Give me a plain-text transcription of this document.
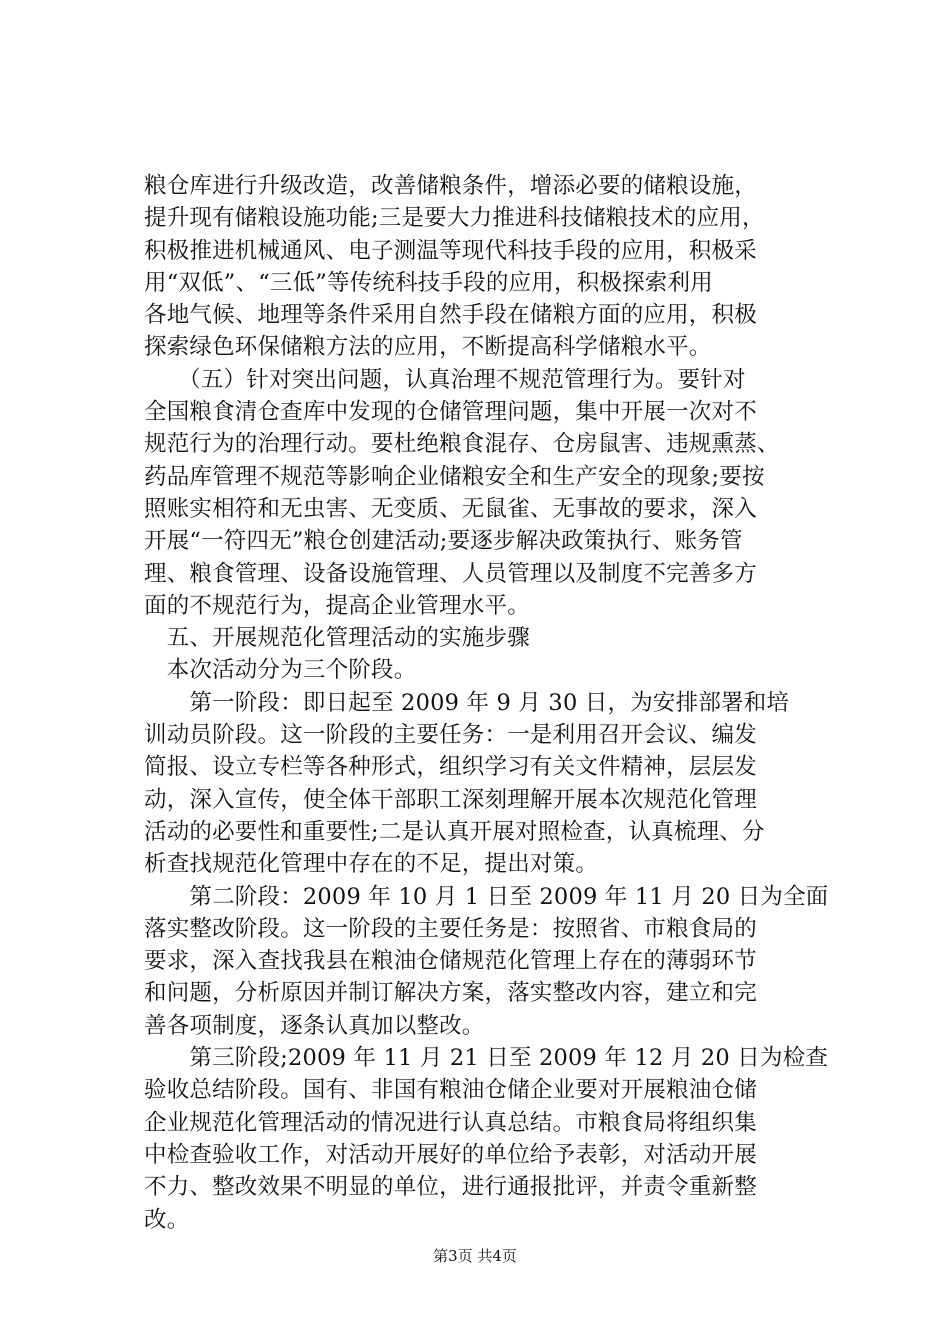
粮仓库进行升级改造，改善储粮条件，增添必要的储粮设施，
提升现有储粮设施功能;三是要大力推进科技储粮技术的应用，
积极推进机械通风、电子测温等现代科技手段的应用，积极采
用“双低”、“三低”等传统科技手段的应用，积极探索利用
各地气候、地理等条件采用自然手段在储粮方面的应用，积极
探索绿色环保储粮方法的应用，不断提高科学储粮水平。
　　（五）针对突出问题，认真治理不规范管理行为。要针对
全国粮食清仓查库中发现的仓储管理问题，集中开展一次对不
规范行为的治理行动。要杜绝粮食混存、仓房鼠害、违规熏蒸、
药品库管理不规范等影响企业储粮安全和生产安全的现象;要按
照账实相符和无虫害、无变质、无鼠雀、无事故的要求，深入
开展“一符四无”粮仓创建活动;要逐步解决政策执行、账务管
理、粮食管理、设备设施管理、人员管理以及制度不完善多方
面的不规范行为，提高企业管理水平。
　五、开展规范化管理活动的实施步骤
　本次活动分为三个阶段。
　　第一阶段：即日起至 2009 年 9 月 30 日，为安排部署和培
训动员阶段。这一阶段的主要任务：一是利用召开会议、编发
简报、设立专栏等各种形式，组织学习有关文件精神，层层发
动，深入宣传，使全体干部职工深刻理解开展本次规范化管理
活动的必要性和重要性;二是认真开展对照检查，认真梳理、分
析查找规范化管理中存在的不足，提出对策。
　　第二阶段：2009 年 10 月 1 日至 2009 年 11 月 20 日为全面
落实整改阶段。这一阶段的主要任务是：按照省、市粮食局的
要求，深入查找我县在粮油仓储规范化管理上存在的薄弱环节
和问题，分析原因并制订解决方案，落实整改内容，建立和完
善各项制度，逐条认真加以整改。
　　第三阶段;2009 年 11 月 21 日至 2009 年 12 月 20 日为检查
验收总结阶段。国有、非国有粮油仓储企业要对开展粮油仓储
企业规范化管理活动的情况进行认真总结。市粮食局将组织集
中检查验收工作，对活动开展好的单位给予表彰，对活动开展
不力、整改效果不明显的单位，进行通报批评，并责令重新整
改。
第3页 共4页
